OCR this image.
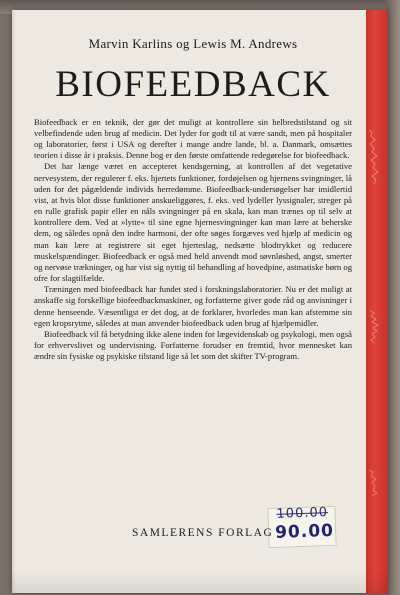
Marvin Karlins og Lewis M. Andrews

BIOFEEDBACK

Biofeedback er en teknik, der gør det muligt at kontrollere sin helbredstilstand og sit velbefindende uden brug af medicin. Det lyder for godt til at være sandt, men på hospitaler og laboratorier, først i USA og derefter i mange andre lande, bl. a. Danmark, omsættes teorien i disse år i praksis. Denne bog er den første omfattende redegørelse for biofeedback.

Det har længe været en accepteret kendsgerning, at kontrollen af det vegetative nervesystem, der regulerer f. eks. hjertets funktioner, fordøjelsen og hjernens svingninger, lå uden for det pågældende individs herredømme. Biofeedback-undersøgelser har imidlertid vist, at hvis blot disse funktioner anskueliggøres, f. eks. ved lydeller lyssignaler, streger på en rulle grafisk papir eller en nåls svingninger på en skala, kan man trænes op til selv at kontrollere dem. Ved at »lytte« til sine egne hjernesvingninger kan man lære at beherske dem, og således opnå den indre harmoni, der ofte søges forgæves ved hjælp af medicin og man kan lære at registrere sit eget hjerteslag, nedsætte blodtrykket og reducere muskelspændinger. Biofeedback er også med held anvendt mod søvnløshed, angst, smerter og nervøse trækninger, og har vist sig nyttig til behandling af hovedpine, astmatiske børn og ofre for slagtilfælde.

Træningen med biofeedback har fundet sted i forskningslaboratorier. Nu er det muligt at anskaffe sig forskellige biofeedbackmaskiner, og forfatterne giver gode råd og anvisninger i denne henseende. Væsentligst er det dog, at de forklarer, hvorledes man kan afstemme sin egen kropsrytme, således at man anvender biofeedback uden brug af hjælpemidler.

Biofeedback vil få betydning ikke alene inden for lægevidenskab og psykologi, men også for erhvervslivet og undervisning. Forfatterne forudser en fremtid, hvor mennesket kan ændre sin fysiske og psykiske tilstand lige så let som det skifter TV-program.

100.00
90.00
SAMLERENS FORLAG
